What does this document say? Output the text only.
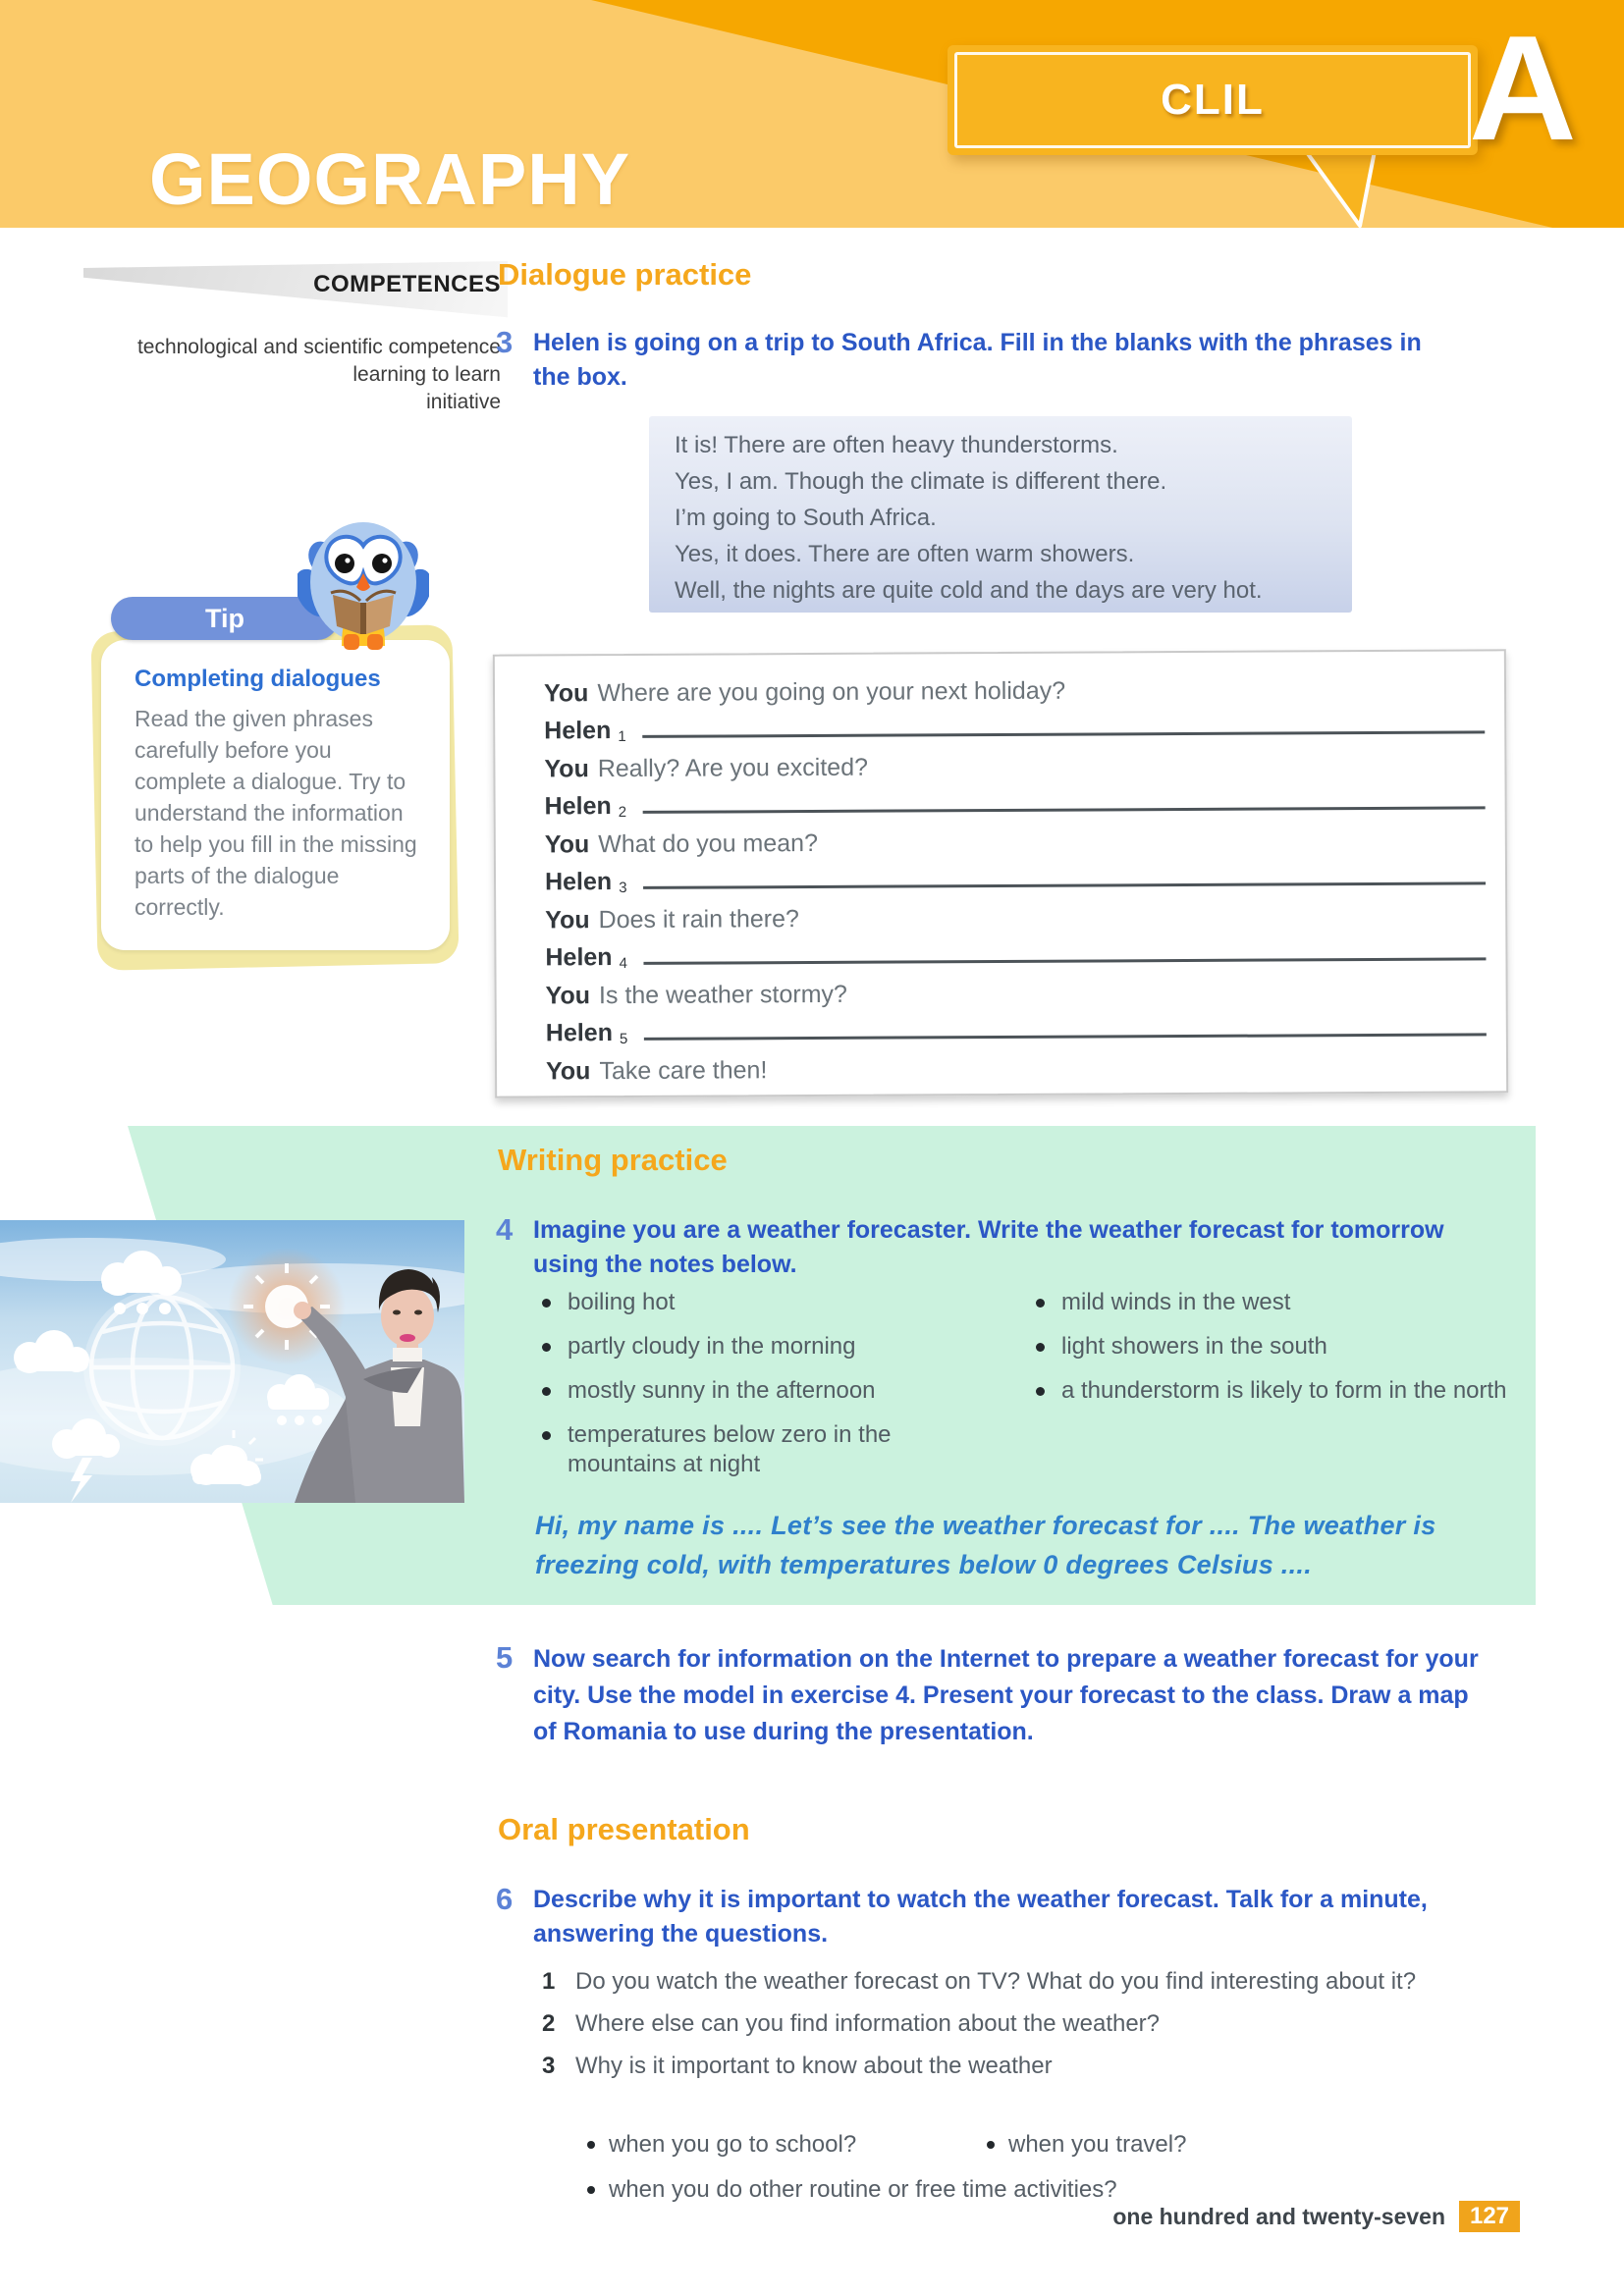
CLIL	A
GEOGRAPHY
COMPETENCES
technological and scientific competence
learning to learn
initiative
Tip
Completing dialogues
Read the given phrases carefully before you complete a dialogue. Try to understand the information to help you fill in the missing parts of the dialogue correctly.
Dialogue practice
3 Helen is going on a trip to South Africa. Fill in the blanks with the phrases in the box.
It is! There are often heavy thunderstorms.
Yes, I am. Though the climate is different there.
I’m going to South Africa.
Yes, it does. There are often warm showers.
Well, the nights are quite cold and the days are very hot.
You Where are you going on your next holiday?
Helen 1
You Really? Are you excited?
Helen 2
You What do you mean?
Helen 3
You Does it rain there?
Helen 4
You Is the weather stormy?
Helen 5
You Take care then!
Writing practice
4 Imagine you are a weather forecaster. Write the weather forecast for tomorrow using the notes below.
boiling hot
partly cloudy in the morning
mostly sunny in the afternoon
temperatures below zero in the mountains at night
mild winds in the west
light showers in the south
a thunderstorm is likely to form in the north
Hi, my name is .... Let’s see the weather forecast for .... The weather is freezing cold, with temperatures below 0 degrees Celsius ....
5 Now search for information on the Internet to prepare a weather forecast for your city. Use the model in exercise 4. Present your forecast to the class. Draw a map of Romania to use during the presentation.
Oral presentation
6 Describe why it is important to watch the weather forecast. Talk for a minute, answering the questions.
1 Do you watch the weather forecast on TV? What do you find interesting about it?
2 Where else can you find information about the weather?
3 Why is it important to know about the weather
when you go to school?	when you travel?
when you do other routine or free time activities?
one hundred and twenty-seven	127
